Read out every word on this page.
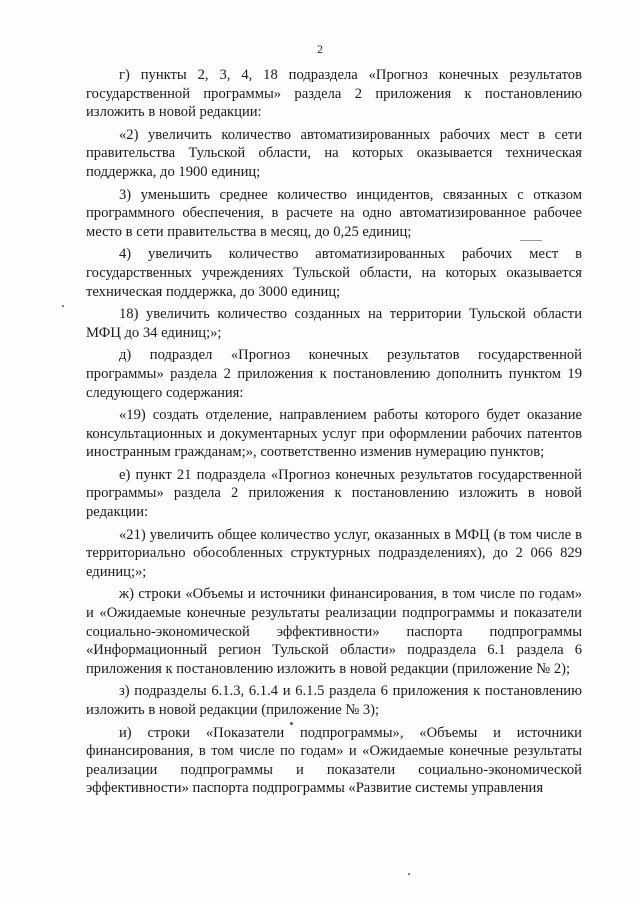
2

г) пункты 2, 3, 4, 18 подраздела «Прогноз конечных результатов государственной программы» раздела 2 приложения к постановлению изложить в новой редакции:

«2) увеличить количество автоматизированных рабочих мест в сети правительства Тульской области, на которых оказывается техническая поддержка, до 1900 единиц;

3) уменьшить среднее количество инцидентов, связанных с отказом программного обеспечения, в расчете на одно автоматизированное рабочее место в сети правительства в месяц, до 0,25 единиц;

4) увеличить количество автоматизированных рабочих мест в государственных учреждениях Тульской области, на которых оказывается техническая поддержка, до 3000 единиц;

18) увеличить количество созданных на территории Тульской области МФЦ до 34 единиц;»;

д) подраздел «Прогноз конечных результатов государственной программы» раздела 2 приложения к постановлению дополнить пунктом 19 следующего содержания:

«19) создать отделение, направлением работы которого будет оказание консультационных и документарных услуг при оформлении рабочих патентов иностранным гражданам;», соответственно изменив нумерацию пунктов;

е) пункт 21 подраздела «Прогноз конечных результатов государственной программы» раздела 2 приложения к постановлению изложить в новой редакции:

«21) увеличить общее количество услуг, оказанных в МФЦ (в том числе в территориально обособленных структурных подразделениях), до 2 066 829 единиц;»;

ж) строки «Объемы и источники финансирования, в том числе по годам» и «Ожидаемые конечные результаты реализации подпрограммы и показатели социально-экономической эффективности» паспорта подпрограммы «Информационный регион Тульской области» подраздела 6.1 раздела 6 приложения к постановлению изложить в новой редакции (приложение № 2);

з) подразделы 6.1.3, 6.1.4 и 6.1.5 раздела 6 приложения к постановлению изложить в новой редакции (приложение № 3);

и) строки «Показатели подпрограммы», «Объемы и источники финансирования, в том числе по годам» и «Ожидаемые конечные результаты реализации подпрограммы и показатели социально-экономической эффективности» паспорта подпрограммы «Развитие системы управления
